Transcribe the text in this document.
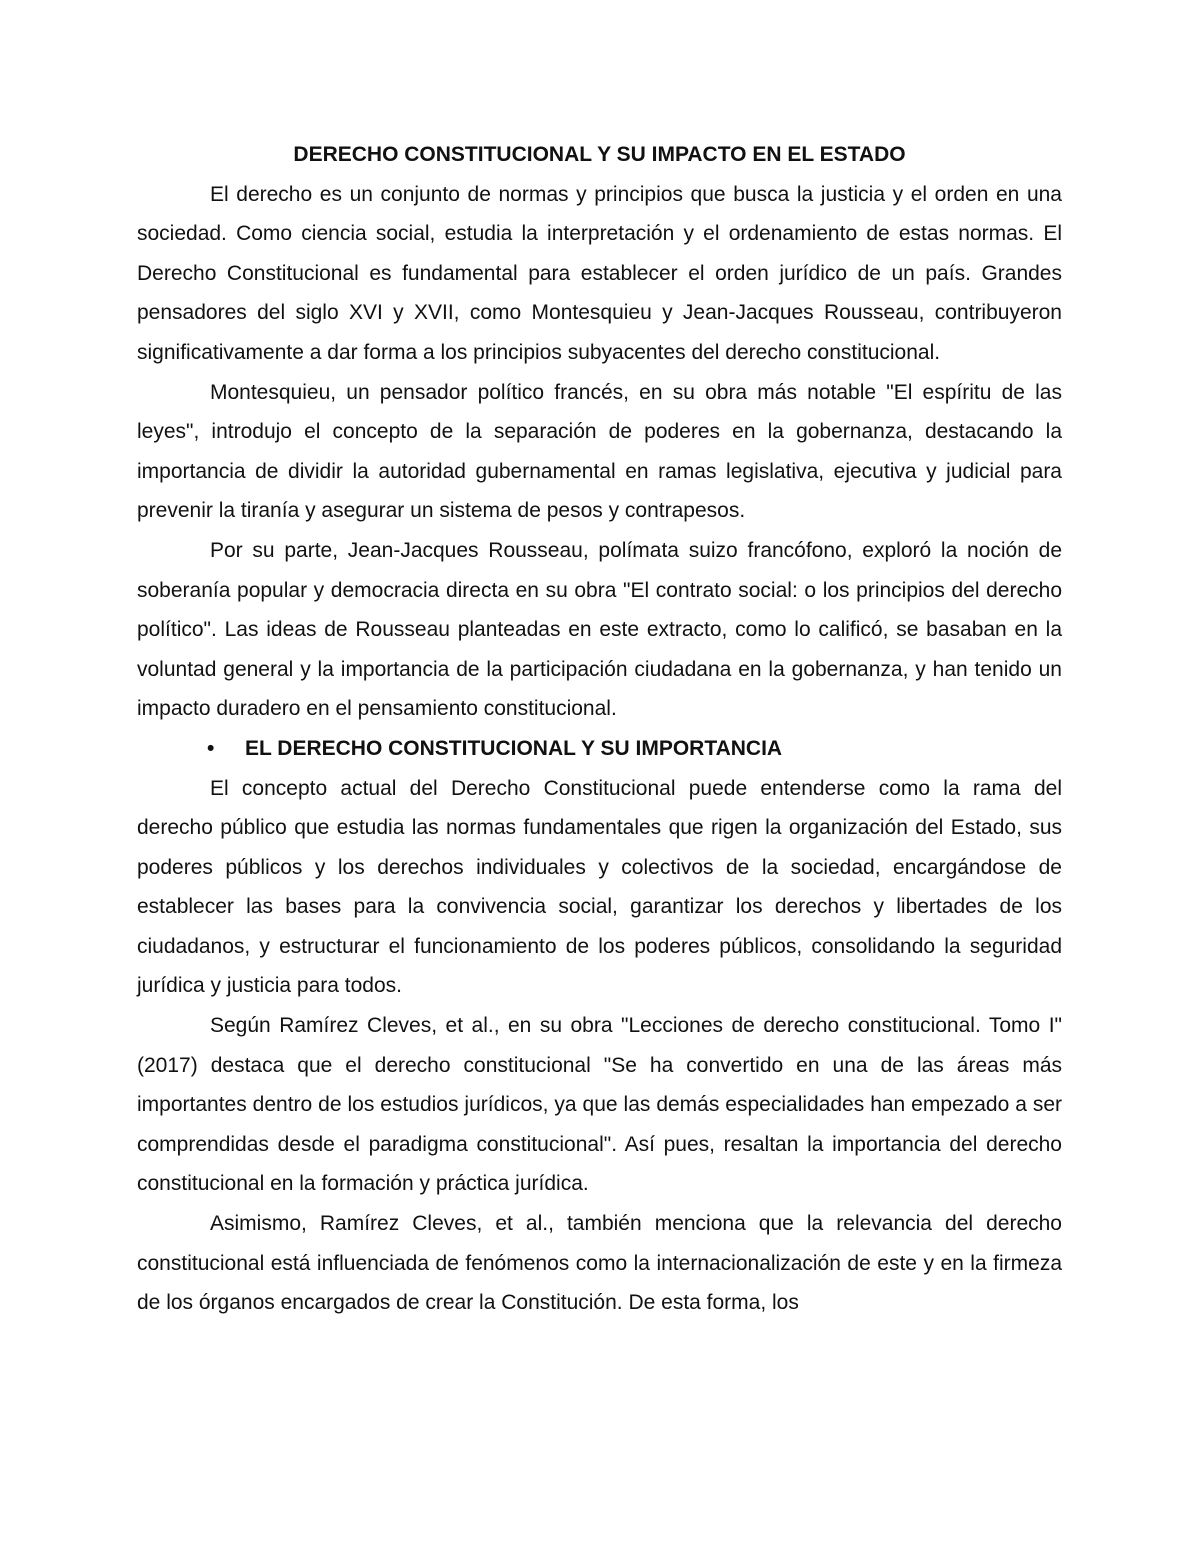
DERECHO CONSTITUCIONAL Y SU IMPACTO EN EL ESTADO

El derecho es un conjunto de normas y principios que busca la justicia y el orden en una sociedad. Como ciencia social, estudia la interpretación y el ordenamiento de estas normas. El Derecho Constitucional es fundamental para establecer el orden jurídico de un país. Grandes pensadores del siglo XVI y XVII, como Montesquieu y Jean-Jacques Rousseau, contribuyeron significativamente a dar forma a los principios subyacentes del derecho constitucional.

Montesquieu, un pensador político francés, en su obra más notable "El espíritu de las leyes", introdujo el concepto de la separación de poderes en la gobernanza, destacando la importancia de dividir la autoridad gubernamental en ramas legislativa, ejecutiva y judicial para prevenir la tiranía y asegurar un sistema de pesos y contrapesos.

Por su parte, Jean-Jacques Rousseau, polímata suizo francófono, exploró la noción de soberanía popular y democracia directa en su obra "El contrato social: o los principios del derecho político". Las ideas de Rousseau planteadas en este extracto, como lo calificó, se basaban en la voluntad general y la importancia de la participación ciudadana en la gobernanza, y han tenido un impacto duradero en el pensamiento constitucional.

•	EL DERECHO CONSTITUCIONAL Y SU IMPORTANCIA

El concepto actual del Derecho Constitucional puede entenderse como la rama del derecho público que estudia las normas fundamentales que rigen la organización del Estado, sus poderes públicos y los derechos individuales y colectivos de la sociedad, encargándose de establecer las bases para la convivencia social, garantizar los derechos y libertades de los ciudadanos, y estructurar el funcionamiento de los poderes públicos, consolidando la seguridad jurídica y justicia para todos.

Según Ramírez Cleves, et al., en su obra "Lecciones de derecho constitucional. Tomo I" (2017) destaca que el derecho constitucional "Se ha convertido en una de las áreas más importantes dentro de los estudios jurídicos, ya que las demás especialidades han empezado a ser comprendidas desde el paradigma constitucional". Así pues, resaltan la importancia del derecho constitucional en la formación y práctica jurídica.

Asimismo, Ramírez Cleves, et al., también menciona que la relevancia del derecho constitucional está influenciada de fenómenos como la internacionalización de este y en la firmeza de los órganos encargados de crear la Constitución. De esta forma, los
